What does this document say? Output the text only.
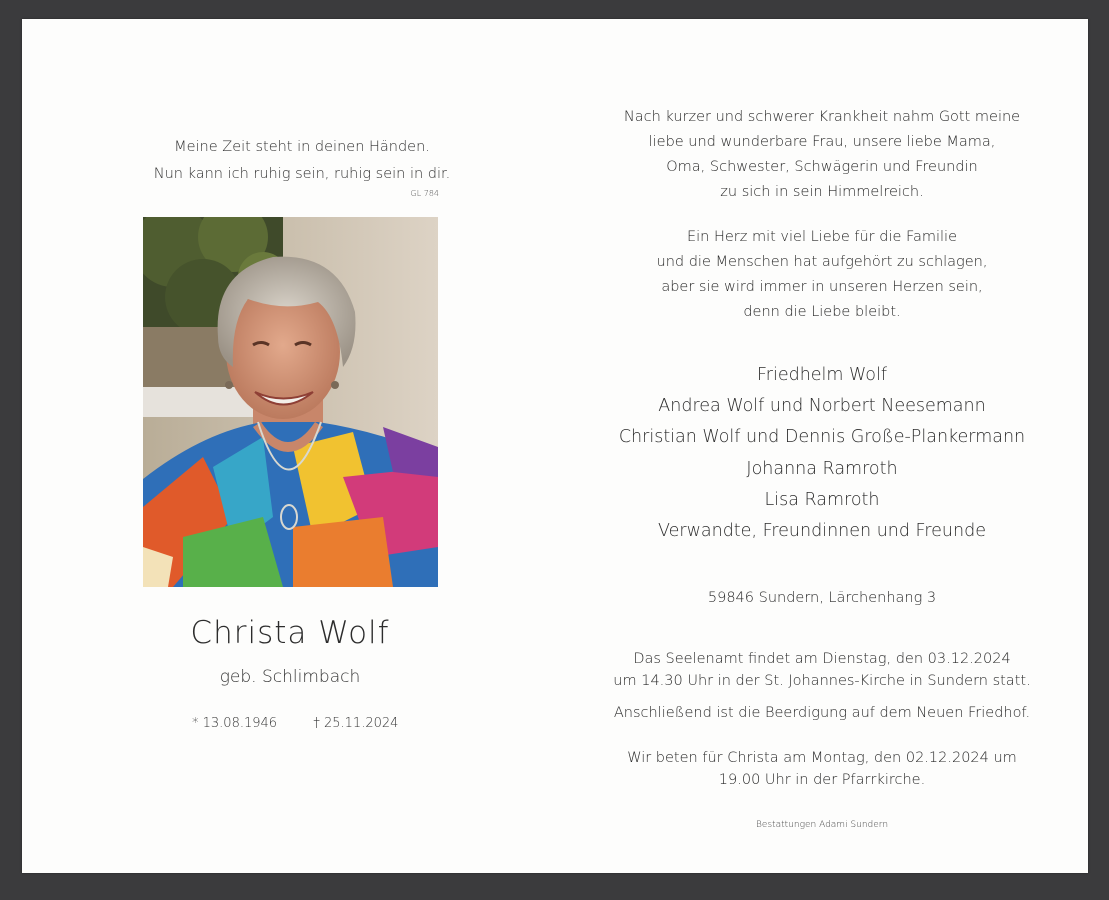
Meine Zeit steht in deinen Händen.
Nun kann ich ruhig sein, ruhig sein in dir.
GL 784
Christa Wolf
geb. Schlimbach
* 13.08.1946	† 25.11.2024
Nach kurzer und schwerer Krankheit nahm Gott meine
liebe und wunderbare Frau, unsere liebe Mama,
Oma, Schwester, Schwägerin und Freundin
zu sich in sein Himmelreich.
Ein Herz mit viel Liebe für die Familie
und die Menschen hat aufgehört zu schlagen,
aber sie wird immer in unseren Herzen sein,
denn die Liebe bleibt.
Friedhelm Wolf
Andrea Wolf und Norbert Neesemann
Christian Wolf und Dennis Große-Plankermann
Johanna Ramroth
Lisa Ramroth
Verwandte, Freundinnen und Freunde
59846 Sundern, Lärchenhang 3
Das Seelenamt findet am Dienstag, den 03.12.2024
um 14.30 Uhr in der St. Johannes-Kirche in Sundern statt.
Anschließend ist die Beerdigung auf dem Neuen Friedhof.
Wir beten für Christa am Montag, den 02.12.2024 um
19.00 Uhr in der Pfarrkirche.
Bestattungen Adami Sundern
